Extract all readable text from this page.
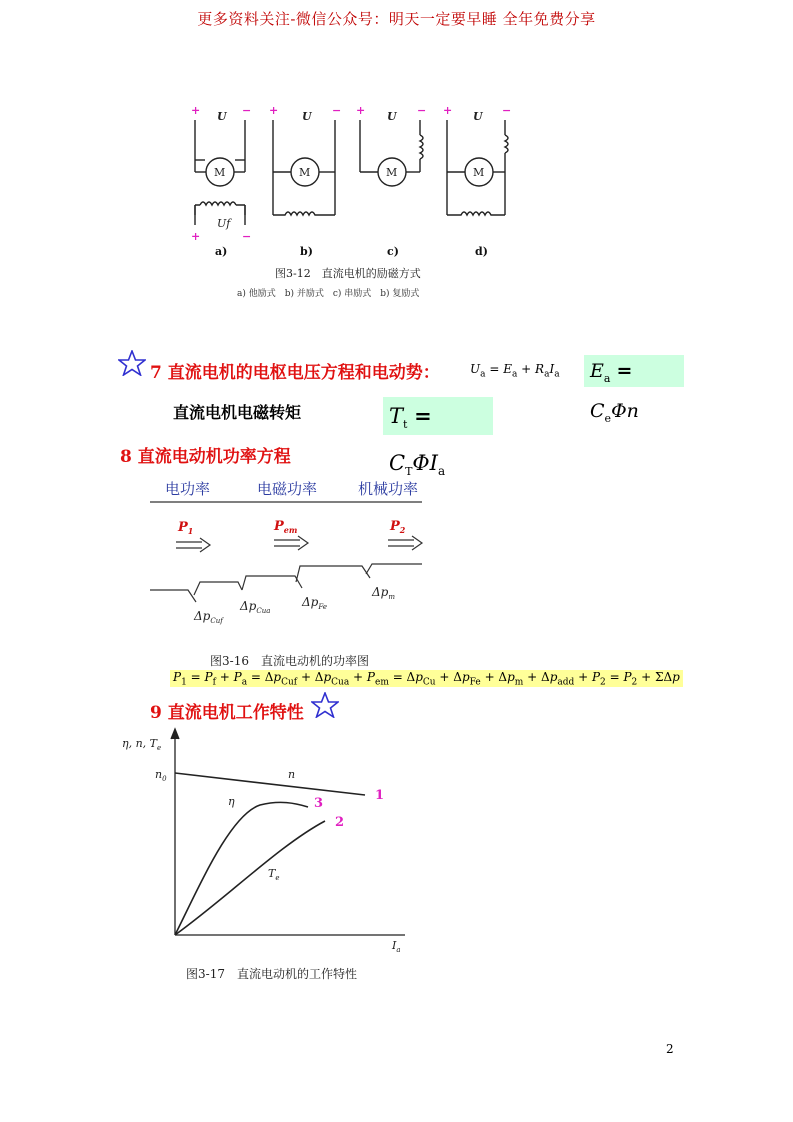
更多资料关注-微信公众号：明天一定要早睡 全年免费分享
M	M	M	M
U	U	U	U
Uf
+	− +	− +	− +	−
+	−
a)	b)	c)	d)
图3-12　直流电机的励磁方式
a) 他励式　b) 并励式　c) 串励式　b) 复励式
7 直流电机的电枢电压方程和电动势：	$U_a = E_a + R_aI_a$	$E_a = C_e\Phi n$
直流电机电磁转矩	$T_t = C_T\Phi I_a$
8 直流电动机功率方程
电功率	电磁功率	机械功率
$P_1$	$P_{em}$	$P_2$
$\Delta p_{Cuf}$
$\Delta p_{Cua}$
$\Delta p_{Fe}$
$\Delta p_m$
图3-16　直流电动机的功率图
$P_1 = P_f + P_a = \Delta p_{Cuf} + \Delta p_{Cua} + P_{em} = \Delta p_{Cu} + \Delta p_{Fe} + \Delta p_m + \Delta p_{add} + P_2 = P_2 + \Sigma\Delta p$
9 直流电机工作特性
η, n, $T_e$
$n_0$	n
η
$T_e$
$I_a$
1
2
3
图3-17　直流电动机的工作特性
2
